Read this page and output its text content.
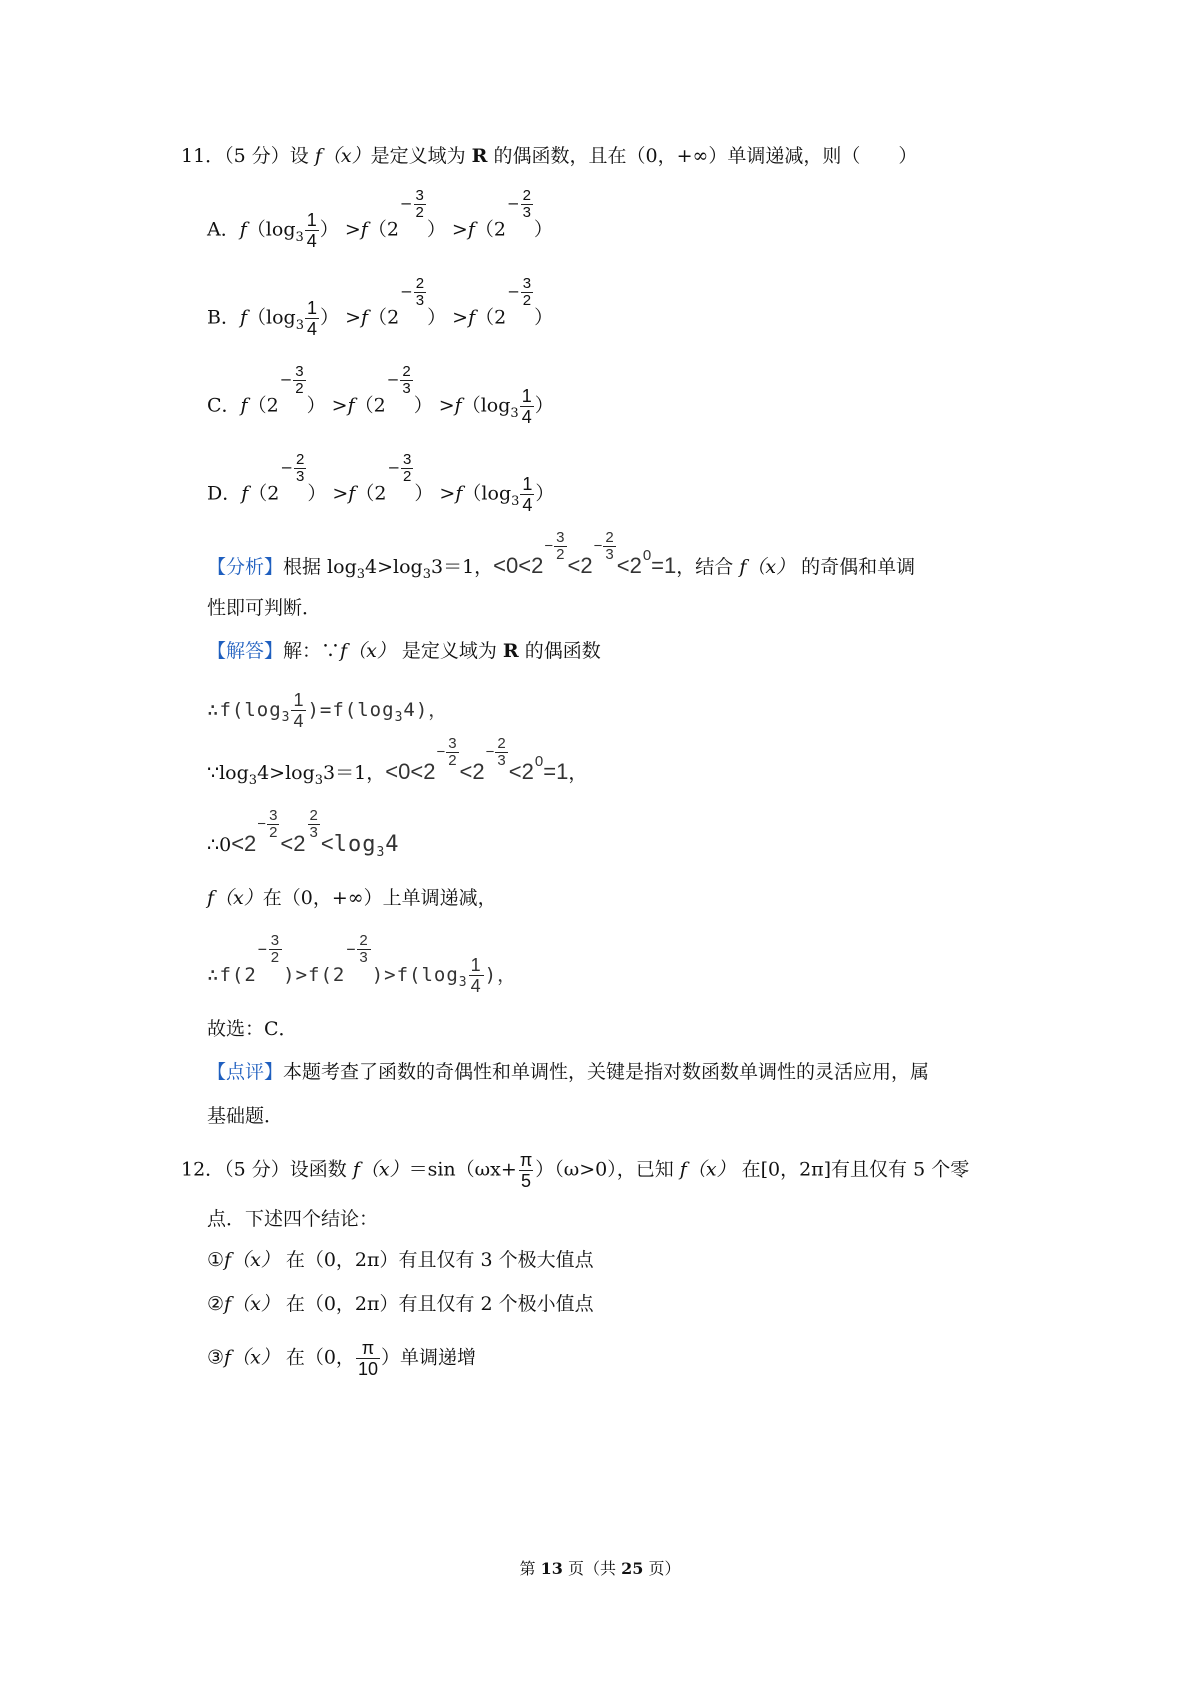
11．（5 分）设 f（x）是定义域为 R 的偶函数，且在（0，+∞）单调递减，则（　　）
A．$f(\log_3 \frac{1}{4}$ ） $>f(2- \frac{3}{2}$
） $>f(2- \frac{2}{3}$
）
B．$f(\log_3 \frac{1}{4}$ ） $>f(2- \frac{2}{3}$
） $>f(2- \frac{3}{2}$
）
C．$f(2- \frac{3}{2}$
） $>f(2- \frac{2}{3}$
） $>f(\log_3 \frac{1}{4}$ ）
D．$f(2- \frac{2}{3}$
） $>f(2- \frac{3}{2}$
） $>f(\log_3 \frac{1}{4}$ ）
【分析】根据 $\log_34>\log_33=1$，$<0<2- \frac{3}{2}$
$<2- \frac{2}{3}$
<20=1，结合 f（x） 的奇偶和单调
性即可判断．
【解答】解：∵f（x） 是定义域为 R 的偶函数
$\therefore f(\log_3 \frac{1}{4} )=f(\log_34)$，
$\because\log_34>\log_33=1$，$<0<2- \frac{3}{2}$
$<2- \frac{2}{3}$
<20=1，
∴0<2− $\frac{3}{2}$
<2
$\frac{2}{3}$
$<\log_34$
f（x）在（0，+∞）上单调递减，
∴f(2− $\frac{3}{2}$
)$>f(2- \frac{2}{3}$
)$>f(\log_3 \frac{1}{4}$ )，
故选：C．
【点评】本题考查了函数的奇偶性和单调性，关键是指对数函数单调性的灵活应用，属
基础题．
12．（5 分）设函数 $f(x)=\sin(\omega x+ \frac{\pi}{5} )(\omega>0)$，已知 f（x） 在[0，2π]有且仅有 5 个零
点．下述四个结论：
①f（x） 在（0，2π）有且仅有 3 个极大值点
②f（x） 在（0，2π）有且仅有 2 个极小值点
③f（x） 在（0， $\frac{\pi}{10}$ ）单调递增
第 13 页（共 25 页）
